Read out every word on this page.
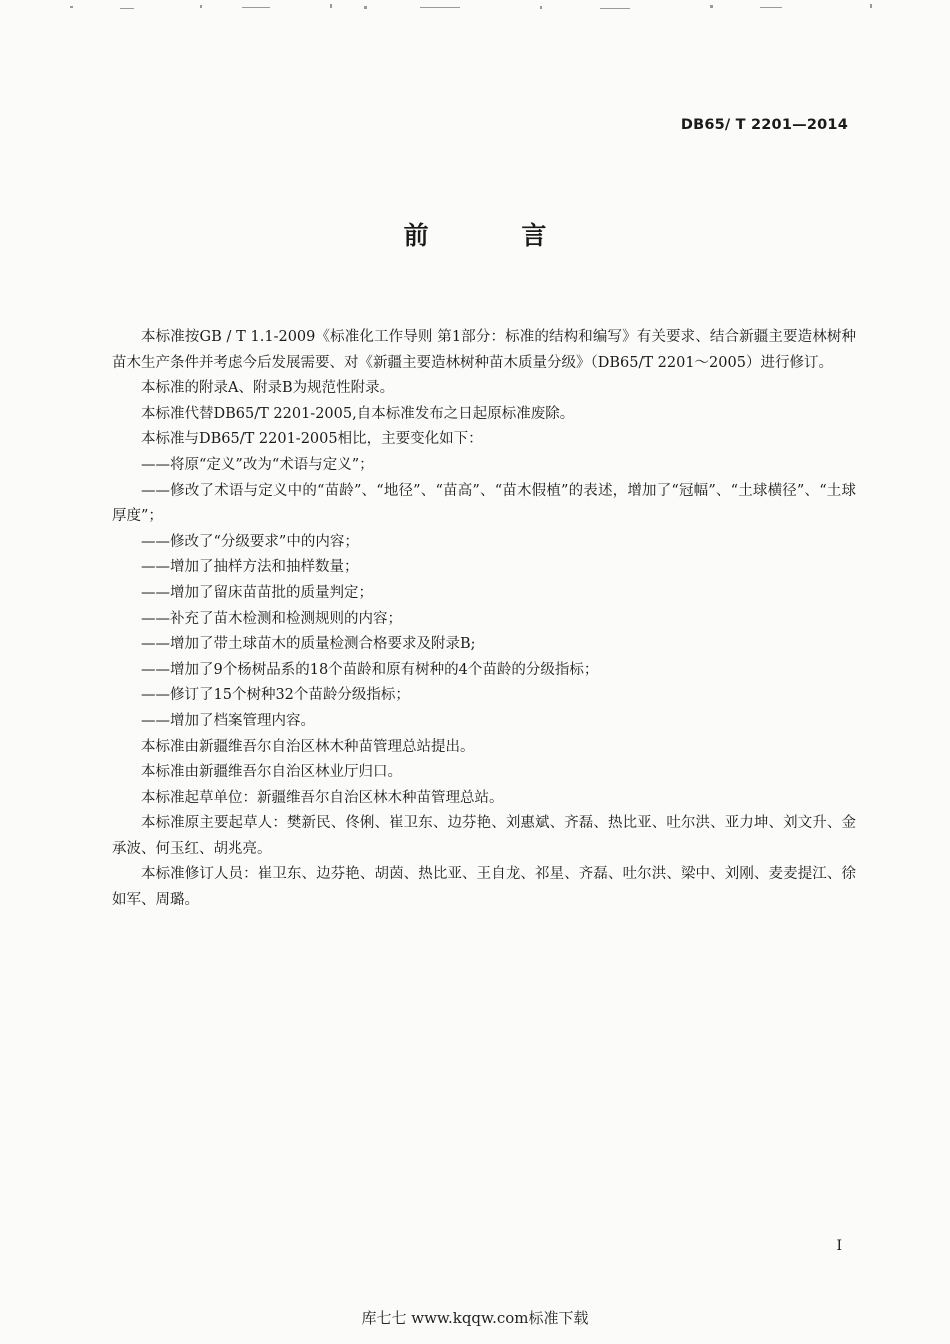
DB65/ T 2201—2014
前 言

本标准按GB / T 1.1-2009《标准化工作导则 第1部分：标准的结构和编写》有关要求、结合新疆主要造林树种苗木生产条件并考虑今后发展需要、对《新疆主要造林树种苗木质量分级》（DB65/T 2201～2005）进行修订。

本标准的附录A、附录B为规范性附录。

本标准代替DB65/T 2201-2005,自本标准发布之日起原标准废除。

本标准与DB65/T 2201-2005相比，主要变化如下：

——将原“定义”改为“术语与定义”；

——修改了术语与定义中的“苗龄”、“地径”、“苗高”、“苗木假植”的表述，增加了“冠幅”、“土球横径”、“土球厚度”；

——修改了“分级要求”中的内容；

——增加了抽样方法和抽样数量；

——增加了留床苗苗批的质量判定；

——补充了苗木检测和检测规则的内容；

——增加了带土球苗木的质量检测合格要求及附录B;

——增加了9个杨树品系的18个苗龄和原有树种的4个苗龄的分级指标；

——修订了15个树种32个苗龄分级指标；

——增加了档案管理内容。

本标准由新疆维吾尔自治区林木种苗管理总站提出。

本标准由新疆维吾尔自治区林业厅归口。

本标准起草单位：新疆维吾尔自治区林木种苗管理总站。

本标准原主要起草人：樊新民、佟俐、崔卫东、边芬艳、刘惠斌、齐磊、热比亚、吐尔洪、亚力坤、刘文升、金承波、何玉红、胡兆亮。

本标准修订人员：崔卫东、边芬艳、胡茵、热比亚、王自龙、祁星、齐磊、吐尔洪、梁中、刘刚、麦麦提江、徐如军、周璐。

I
库七七 www.kqqw.com标准下载
